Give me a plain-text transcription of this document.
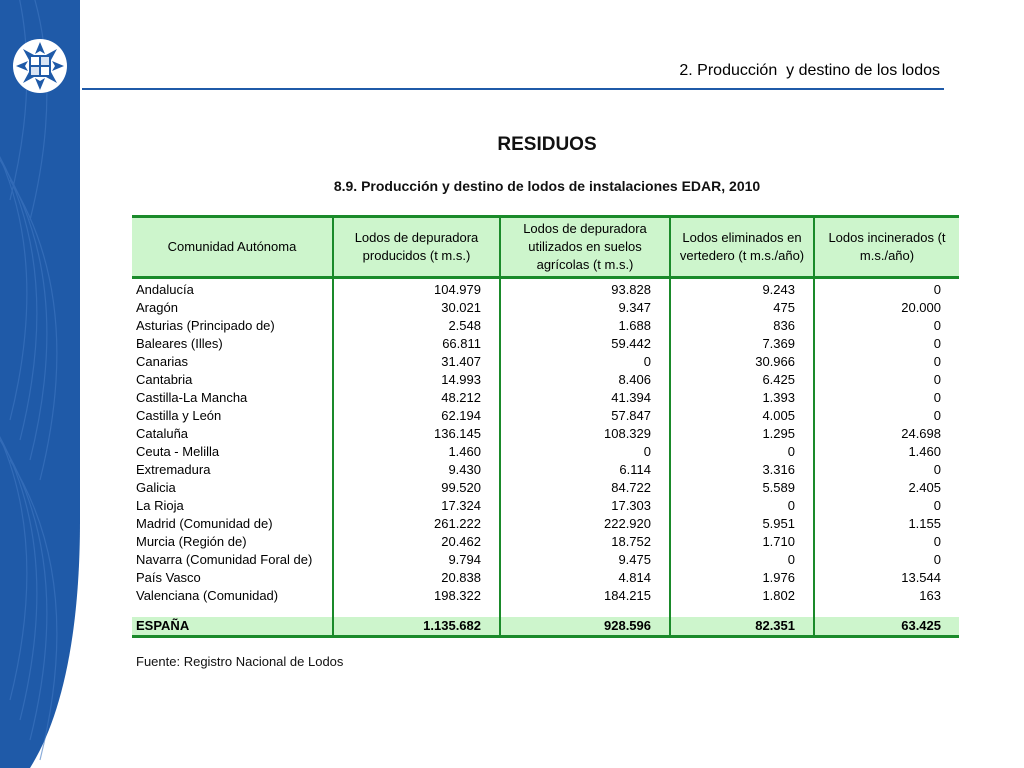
2. Producción  y destino de los lodos
RESIDUOS
8.9. Producción y destino de lodos de instalaciones EDAR, 2010
Comunidad Autónoma	Lodos de depuradora producidos (t m.s.)	Lodos de depuradora utilizados en suelos agrícolas (t m.s.)	Lodos eliminados en vertedero (t m.s./año)	Lodos incinerados (t m.s./año)
Andalucía	104.979	93.828	9.243	0
Aragón	30.021	9.347	475	20.000
Asturias (Principado de)	2.548	1.688	836	0
Baleares (Illes)	66.811	59.442	7.369	0
Canarias	31.407	0	30.966	0
Cantabria	14.993	8.406	6.425	0
Castilla-La Mancha	48.212	41.394	1.393	0
Castilla y León	62.194	57.847	4.005	0
Cataluña	136.145	108.329	1.295	24.698
Ceuta - Melilla	1.460	0	0	1.460
Extremadura	9.430	6.114	3.316	0
Galicia	99.520	84.722	5.589	2.405
La Rioja	17.324	17.303	0	0
Madrid (Comunidad de)	261.222	222.920	5.951	1.155
Murcia (Región de)	20.462	18.752	1.710	0
Navarra (Comunidad Foral de)	9.794	9.475	0	0
País Vasco	20.838	4.814	1.976	13.544
Valenciana (Comunidad)	198.322	184.215	1.802	163

ESPAÑA	1.135.682	928.596	82.351	63.425
Fuente: Registro Nacional de Lodos
